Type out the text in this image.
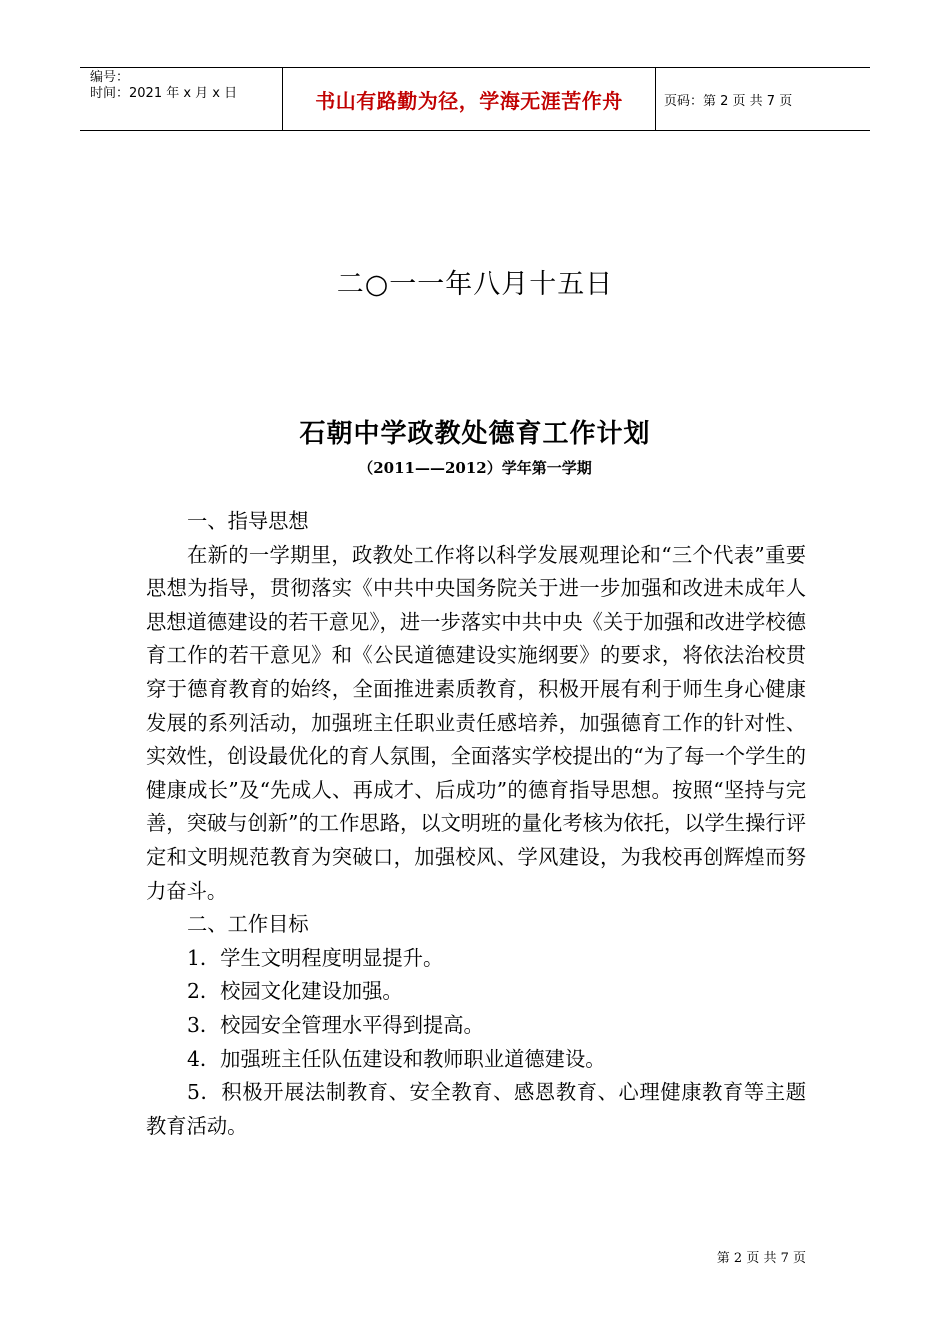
编号：
时间：2021 年 x 月 x 日	书山有路勤为径，学海无涯苦作舟	页码：第 2 页 共 7 页
二○一一年八月十五日
石朝中学政教处德育工作计划
（2011——2012）学年第一学期

一、指导思想

在新的一学期里，政教处工作将以科学发展观理论和“三个代表”重要思想为指导，贯彻落实《中共中央国务院关于进一步加强和改进未成年人思想道德建设的若干意见》，进一步落实中共中央《关于加强和改进学校德育工作的若干意见》和《公民道德建设实施纲要》的要求，将依法治校贯穿于德育教育的始终，全面推进素质教育，积极开展有利于师生身心健康发展的系列活动，加强班主任职业责任感培养，加强德育工作的针对性、实效性，创设最优化的育人氛围，全面落实学校提出的“为了每一个学生的健康成长”及“先成人、再成才、后成功”的德育指导思想。按照“坚持与完善，突破与创新”的工作思路，以文明班的量化考核为依托，以学生操行评定和文明规范教育为突破口，加强校风、学风建设，为我校再创辉煌而努力奋斗。

二、工作目标

1．学生文明程度明显提升。

2．校园文化建设加强。

3．校园安全管理水平得到提高。

4．加强班主任队伍建设和教师职业道德建设。

5．积极开展法制教育、安全教育、感恩教育、心理健康教育等主题教育活动。

第 2 页 共 7 页
